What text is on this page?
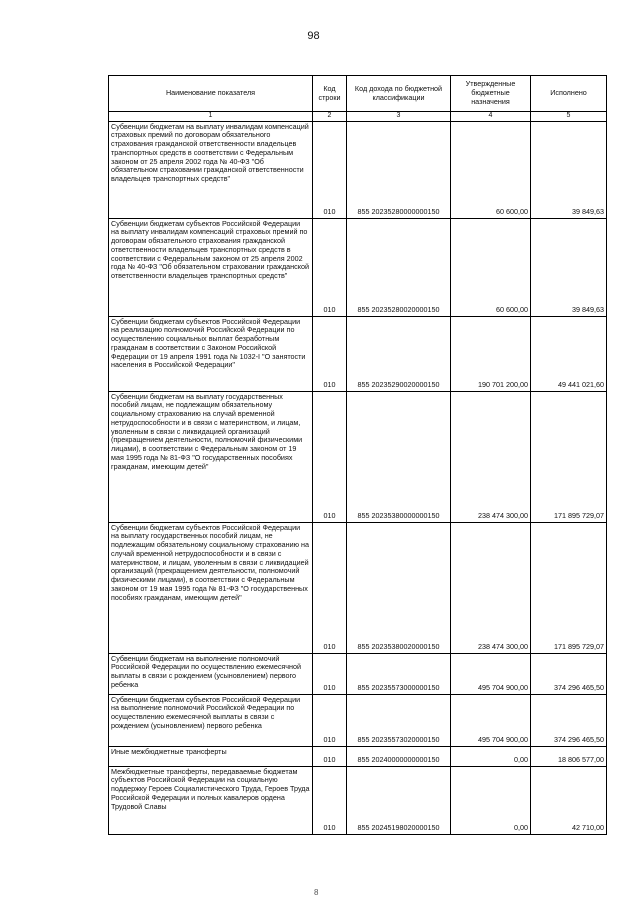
98
Наименование показателя	Код строки	Код дохода по бюджетной классификации	Утвержденные бюджетные назначения	Исполнено
1	2	3	4	5
Субвенции бюджетам на выплату инвалидам компенсаций страховых премий по договорам обязательного страхования гражданской ответственности владельцев транспортных средств в соответствии с Федеральным законом от 25 апреля 2002 года № 40-ФЗ "Об обязательном страховании гражданской ответственности владельцев транспортных средств"	010	855 20235280000000150	60 600,00	39 849,63
Субвенции бюджетам субъектов Российской Федерации на выплату инвалидам компенсаций страховых премий по договорам обязательного страхования гражданской ответственности владельцев транспортных средств в соответствии с Федеральным законом от 25 апреля 2002 года № 40-ФЗ "Об обязательном страховании гражданской ответственности владельцев транспортных средств"	010	855 20235280020000150	60 600,00	39 849,63
Субвенции бюджетам субъектов Российской Федерации на реализацию полномочий Российской Федерации по осуществлению социальных выплат безработным гражданам в соответствии с Законом Российской Федерации от 19 апреля 1991 года № 1032-I "О занятости населения в Российской Федерации"	010	855 20235290020000150	190 701 200,00	49 441 021,60
Субвенции бюджетам на выплату государственных пособий лицам, не подлежащим обязательному социальному страхованию на случай временной нетрудоспособности и в связи с материнством, и лицам, уволенным в связи с ликвидацией организаций (прекращением деятельности, полномочий физическими лицами), в соответствии с Федеральным законом от 19 мая 1995 года № 81-ФЗ "О государственных пособиях гражданам, имеющим детей"	010	855 20235380000000150	238 474 300,00	171 895 729,07
Субвенции бюджетам субъектов Российской Федерации на выплату государственных пособий лицам, не подлежащим обязательному социальному страхованию на случай временной нетрудоспособности и в связи с материнством, и лицам, уволенным в связи с ликвидацией организаций (прекращением деятельности, полномочий физическими лицами), в соответствии с Федеральным законом от 19 мая 1995 года № 81-ФЗ "О государственных пособиях гражданам, имеющим детей"	010	855 20235380020000150	238 474 300,00	171 895 729,07
Субвенции бюджетам на выполнение полномочий Российской Федерации по осуществлению ежемесячной выплаты в связи с рождением (усыновлением) первого ребенка	010	855 20235573000000150	495 704 900,00	374 296 465,50
Субвенции бюджетам субъектов Российской Федерации на выполнение полномочий Российской Федерации по осуществлению ежемесячной выплаты в связи с рождением (усыновлением) первого ребенка	010	855 20235573020000150	495 704 900,00	374 296 465,50
Иные межбюджетные трансферты	010	855 20240000000000150	0,00	18 806 577,00
Межбюджетные трансферты, передаваемые бюджетам субъектов Российской Федерации на социальную поддержку Героев Социалистического Труда, Героев Труда Российской Федерации и полных кавалеров ордена Трудовой Славы	010	855 20245198020000150	0,00	42 710,00
8
